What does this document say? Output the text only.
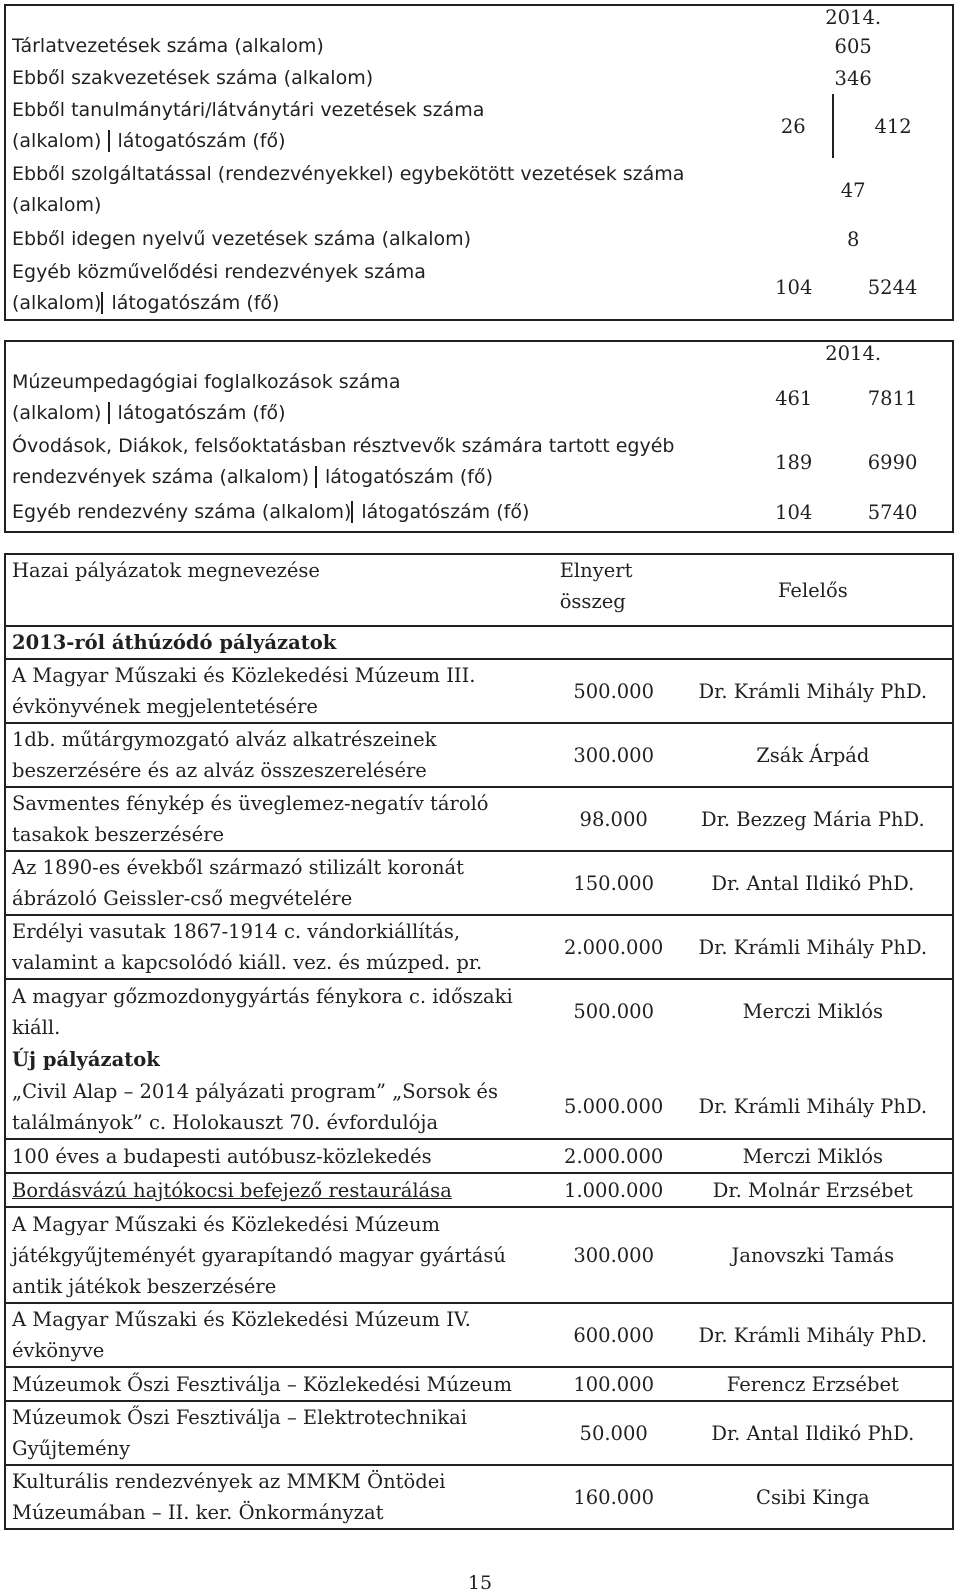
	2014.	
Tárlatvezetések száma (alkalom)	605	
Ebből szakvezetések száma (alkalom)	346	

Ebből tanulmánytári/látványtári vezetések száma
(alkalom) látogatószám (fő)	26	412

Ebből szolgáltatással (rendezvényekkel) egybekötött vezetések száma
(alkalom)	47	
Ebből idegen nyelvű vezetések száma (alkalom)	8	

Egyéb közművelődési rendezvények száma
(alkalom) látogatószám (fő)	104	5244
	2014.	

Múzeumpedagógiai foglalkozások száma
(alkalom) látogatószám (fő)	461	7811

Óvodások, Diákok, felsőoktatásban résztvevők számára tartott egyéb
rendezvények száma (alkalom) látogatószám (fő)	189	6990
Egyéb rendezvény száma (alkalom) látogatószám (fő)	104	5740
Hazai pályázatok megnevezése	Elnyert összeg	Felelős
2013-ról áthúzódó pályázatok		
A Magyar Műszaki és Közlekedési Múzeum III. évkönyvének megjelentetésére	500.000	Dr. Krámli Mihály PhD.
1db. műtárgymozgató alváz alkatrészeinek beszerzésére és az alváz összeszerelésére	300.000	Zsák Árpád
Savmentes fénykép és üveglemez-negatív tároló tasakok beszerzésére	98.000	Dr. Bezzeg Mária PhD.
Az 1890-es évekből származó stilizált koronát ábrázoló Geissler-cső megvételére	150.000	Dr. Antal Ildikó PhD.
Erdélyi vasutak 1867-1914 c. vándorkiállítás, valamint a kapcsolódó kiáll. vez. és múzped. pr.	2.000.000	Dr. Krámli Mihály PhD.
A magyar gőzmozdonygyártás fénykora c. időszaki kiáll.	500.000	Merczi Miklós
Új pályázatok		
„Civil Alap – 2014 pályázati program” „Sorsok és találmányok” c. Holokauszt 70. évfordulója	5.000.000	Dr. Krámli Mihály PhD.
100 éves a budapesti autóbusz-közlekedés	2.000.000	Merczi Miklós
Bordásvázú hajtókocsi befejező restaurálása	1.000.000	Dr. Molnár Erzsébet
A Magyar Műszaki és Közlekedési Múzeum játékgyűjteményét gyarapítandó magyar gyártású antik játékok beszerzésére	300.000	Janovszki Tamás
A Magyar Műszaki és Közlekedési Múzeum IV. évkönyve	600.000	Dr. Krámli Mihály PhD.
Múzeumok Őszi Fesztiválja – Közlekedési Múzeum	100.000	Ferencz Erzsébet
Múzeumok Őszi Fesztiválja – Elektrotechnikai Gyűjtemény	50.000	Dr. Antal Ildikó PhD.
Kulturális rendezvények az MMKM Öntödei Múzeumában – II. ker. Önkormányzat	160.000	Csibi Kinga
15
